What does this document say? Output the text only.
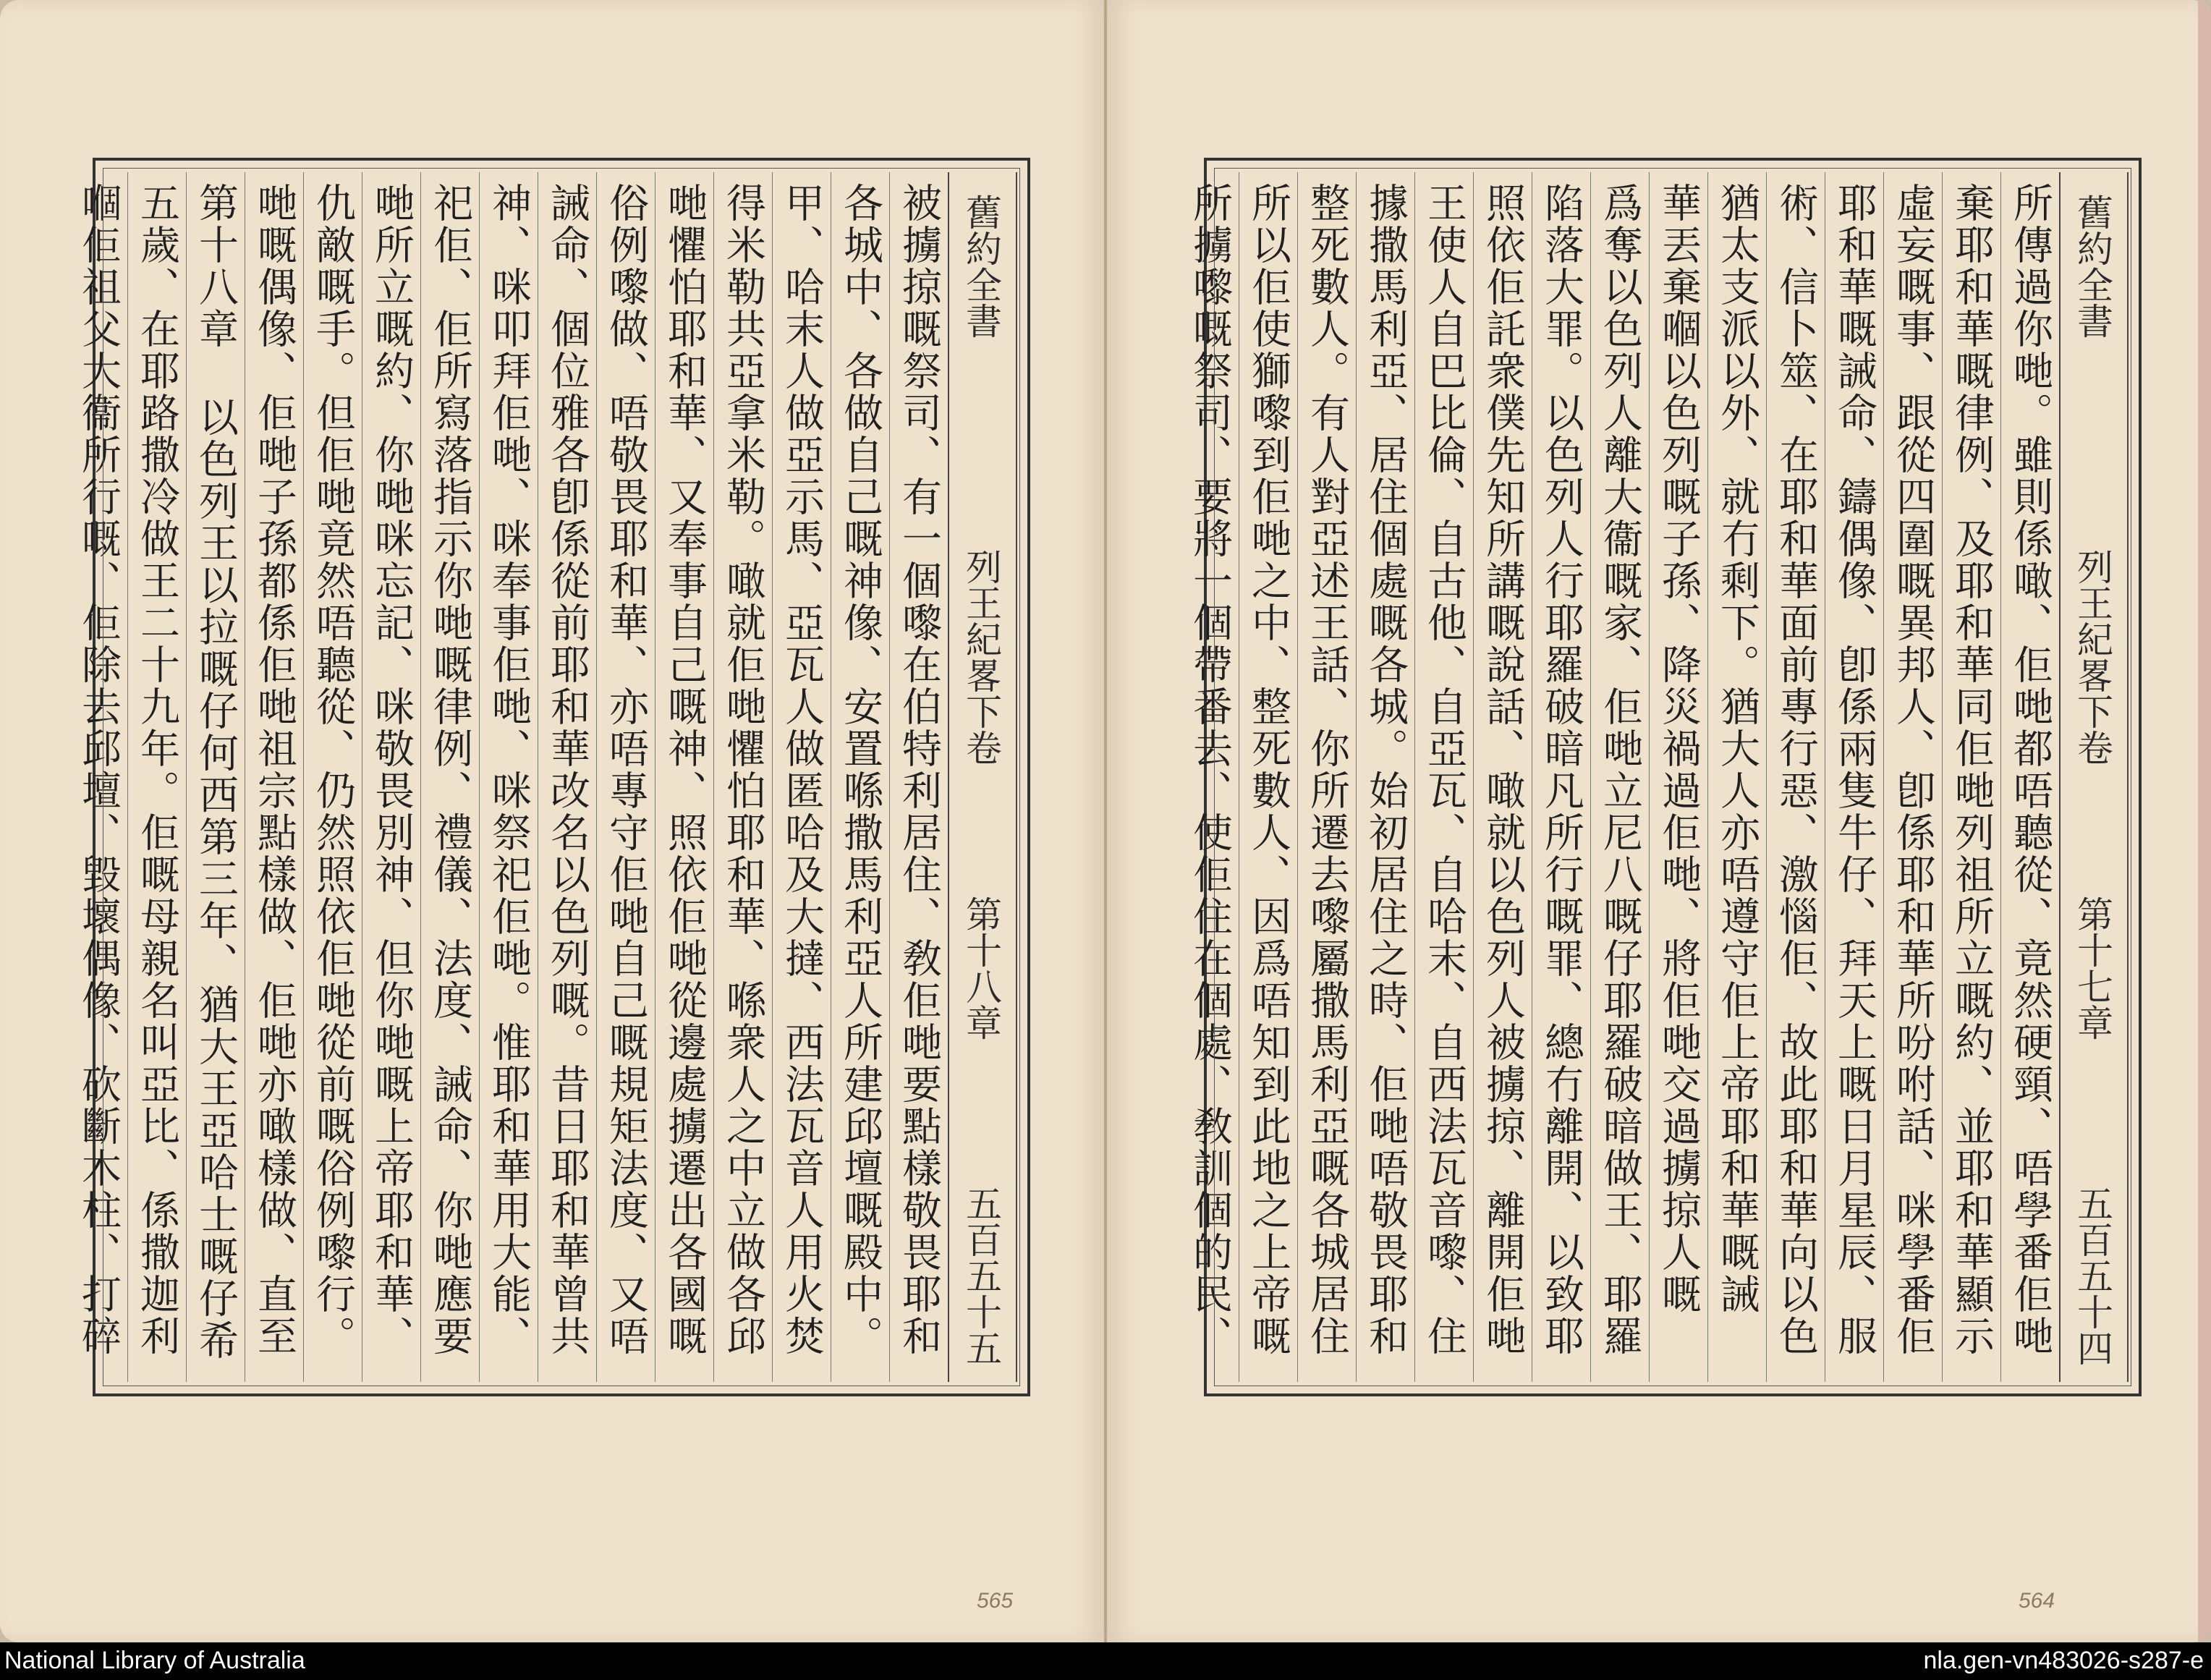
舊約全書
列王紀畧下卷
第十八章
五百五十五
被擄掠嘅祭司、有一個嚟在伯特利居住、敎佢哋要點樣敬畏耶和
各城中、各做自己嘅神像、安置喺撒馬利亞人所建邱壇嘅殿中。
甲、哈末人做亞示馬、亞瓦人做匿哈及大撻、西法瓦音人用火焚
得米勒共亞拿米勒。噉就佢哋懼怕耶和華、喺衆人之中立做各邱
哋懼怕耶和華、又奉事自己嘅神、照依佢哋從邊處擄遷出各國嘅
俗例嚟做、唔敬畏耶和華、亦唔專守佢哋自己嘅規矩法度、又唔
誡命、個位雅各卽係從前耶和華改名以色列嘅。昔日耶和華曾共
神、咪叩拜佢哋、咪奉事佢哋、咪祭祀佢哋。惟耶和華用大能、
祀佢、佢所寫落指示你哋嘅律例、禮儀、法度、誡命、你哋應要
哋所立嘅約、你哋咪忘記、咪敬畏別神、但你哋嘅上帝耶和華、
仇敵嘅手。但佢哋竟然唔聽從、仍然照依佢哋從前嘅俗例嚟行。
哋嘅偶像、佢哋子孫都係佢哋祖宗點樣做、佢哋亦噉樣做、直至
第十八章 以色列王以拉嘅仔何西第三年、猶大王亞哈士嘅仔希
五歲、在耶路撒冷做王二十九年。佢嘅母親名叫亞比、係撒迦利
嗰佢祖父大衞所行嘅、佢除去邱壇、毀壞偶像、砍斷木柱、打碎
舊約全書
列王紀畧下卷
第十七章
五百五十四
所傳過你哋。雖則係噉、佢哋都唔聽從、竟然硬頸、唔學番佢哋
棄耶和華嘅律例、及耶和華同佢哋列祖所立嘅約、並耶和華顯示
虛妄嘅事、跟從四圍嘅異邦人、卽係耶和華所吩咐話、咪學番佢
耶和華嘅誡命、鑄偶像、卽係兩隻牛仔、拜天上嘅日月星辰、服
術、信卜筮、在耶和華面前專行惡、激惱佢、故此耶和華向以色
猶太支派以外、就冇剩下。猶大人亦唔遵守佢上帝耶和華嘅誡
華丟棄嗰以色列嘅子孫、降災禍過佢哋、將佢哋交過擄掠人嘅
爲奪以色列人離大衞嘅家、佢哋立尼八嘅仔耶羅破暗做王、耶羅
陷落大罪。以色列人行耶羅破暗凡所行嘅罪、總冇離開、以致耶
照依佢託衆僕先知所講嘅說話、噉就以色列人被擄掠、離開佢哋
王使人自巴比倫、自古他、自亞瓦、自哈末、自西法瓦音嚟、住
據撒馬利亞、居住個處嘅各城。始初居住之時、佢哋唔敬畏耶和
整死數人。有人對亞述王話、你所遷去嚟屬撒馬利亞嘅各城居住
所以佢使獅嚟到佢哋之中、整死數人、因爲唔知到此地之上帝嘅
所擄嚟嘅祭司、要將一個帶番去、使佢住在個處、敎訓個的民、
565	564
National Library of Australia	nla.gen-vn483026-s287-e
